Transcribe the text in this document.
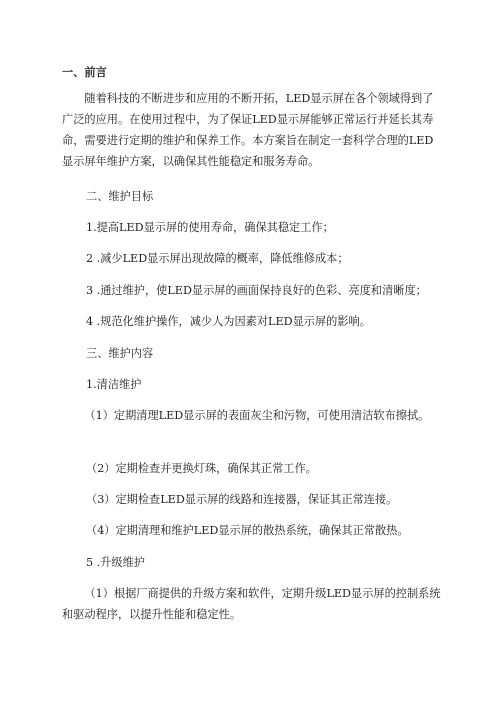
一、前言
随着科技的不断进步和应用的不断开拓，LED显示屏在各个领域得到了广泛的应用。在使用过程中，为了保证LED显示屏能够正常运行并延长其寿命，需要进行定期的维护和保养工作。本方案旨在制定一套科学合理的LED显示屏年维护方案，以确保其性能稳定和服务寿命。
二、维护目标
1.提高LED显示屏的使用寿命，确保其稳定工作；
2 .减少LED显示屏出现故障的概率，降低维修成本；
3 .通过维护，使LED显示屏的画面保持良好的色彩、亮度和清晰度；
4 .规范化维护操作，减少人为因素对LED显示屏的影响。
三、维护内容
1.清洁维护
（1）定期清理LED显示屏的表面灰尘和污物，可使用清洁软布擦拭。
（2）定期检查并更换灯珠，确保其正常工作。
（3）定期检查LED显示屏的线路和连接器，保证其正常连接。
（4）定期清理和维护LED显示屏的散热系统，确保其正常散热。
5 .升级维护
（1）根据厂商提供的升级方案和软件，定期升级LED显示屏的控制系统和驱动程序，以提升性能和稳定性。
